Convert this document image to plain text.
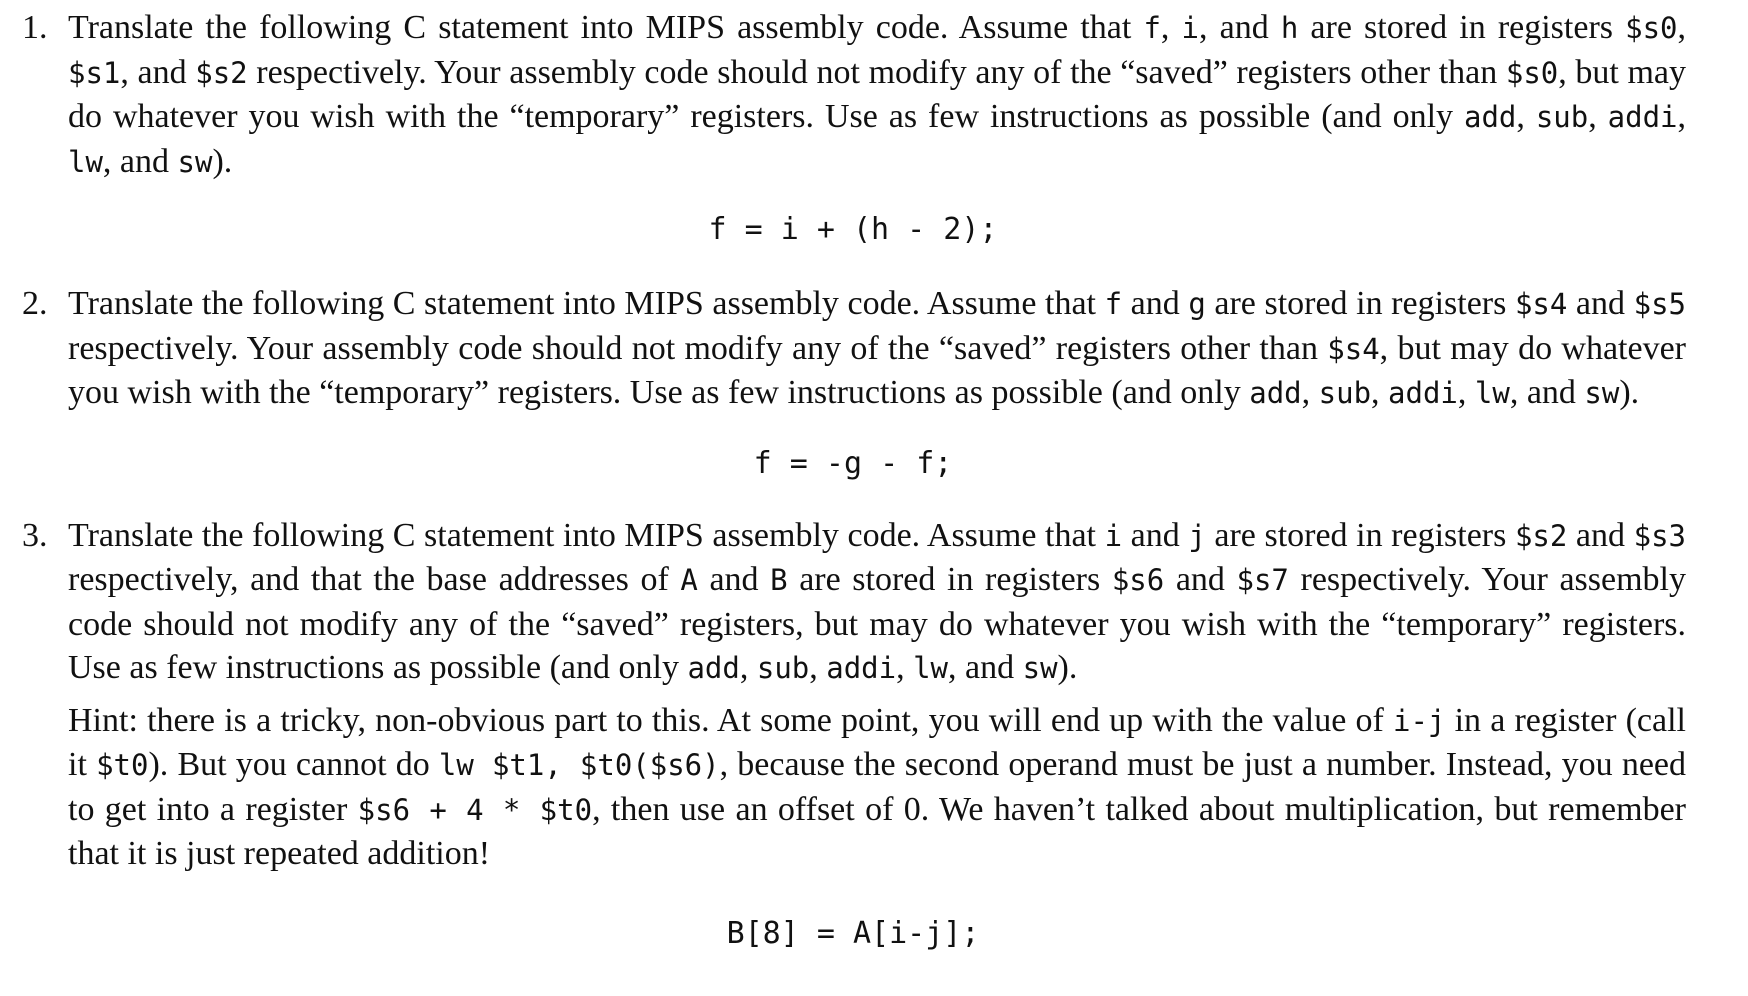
1. Translate the following C statement into MIPS assembly code. Assume that f, i, and h are stored in registers $s0, $s1, and $s2 respectively. Your assembly code should not modify any of the “saved” registers other than $s0, but may do whatever you wish with the “temporary” registers. Use as few instructions as possible (and only add, sub, addi, lw, and sw).

f = i + (h - 2);

2. Translate the following C statement into MIPS assembly code. Assume that f and g are stored in registers $s4 and $s5 respectively. Your assembly code should not modify any of the “saved” registers other than $s4, but may do whatever you wish with the “temporary” registers. Use as few instructions as possible (and only add, sub, addi, lw, and sw).

f = -g - f;

3. Translate the following C statement into MIPS assembly code. Assume that i and j are stored in registers $s2 and $s3 respectively, and that the base addresses of A and B are stored in registers $s6 and $s7 respectively. Your assembly code should not modify any of the “saved” registers, but may do whatever you wish with the “temporary” registers. Use as few instructions as possible (and only add, sub, addi, lw, and sw).

Hint: there is a tricky, non-obvious part to this. At some point, you will end up with the value of i-j in a register (call it $t0). But you cannot do lw $t1, $t0($s6), because the second operand must be just a number. Instead, you need to get into a register $s6 + 4 * $t0, then use an offset of 0. We haven’t talked about multiplication, but remember that it is just repeated addition!

B[8] = A[i-j];
